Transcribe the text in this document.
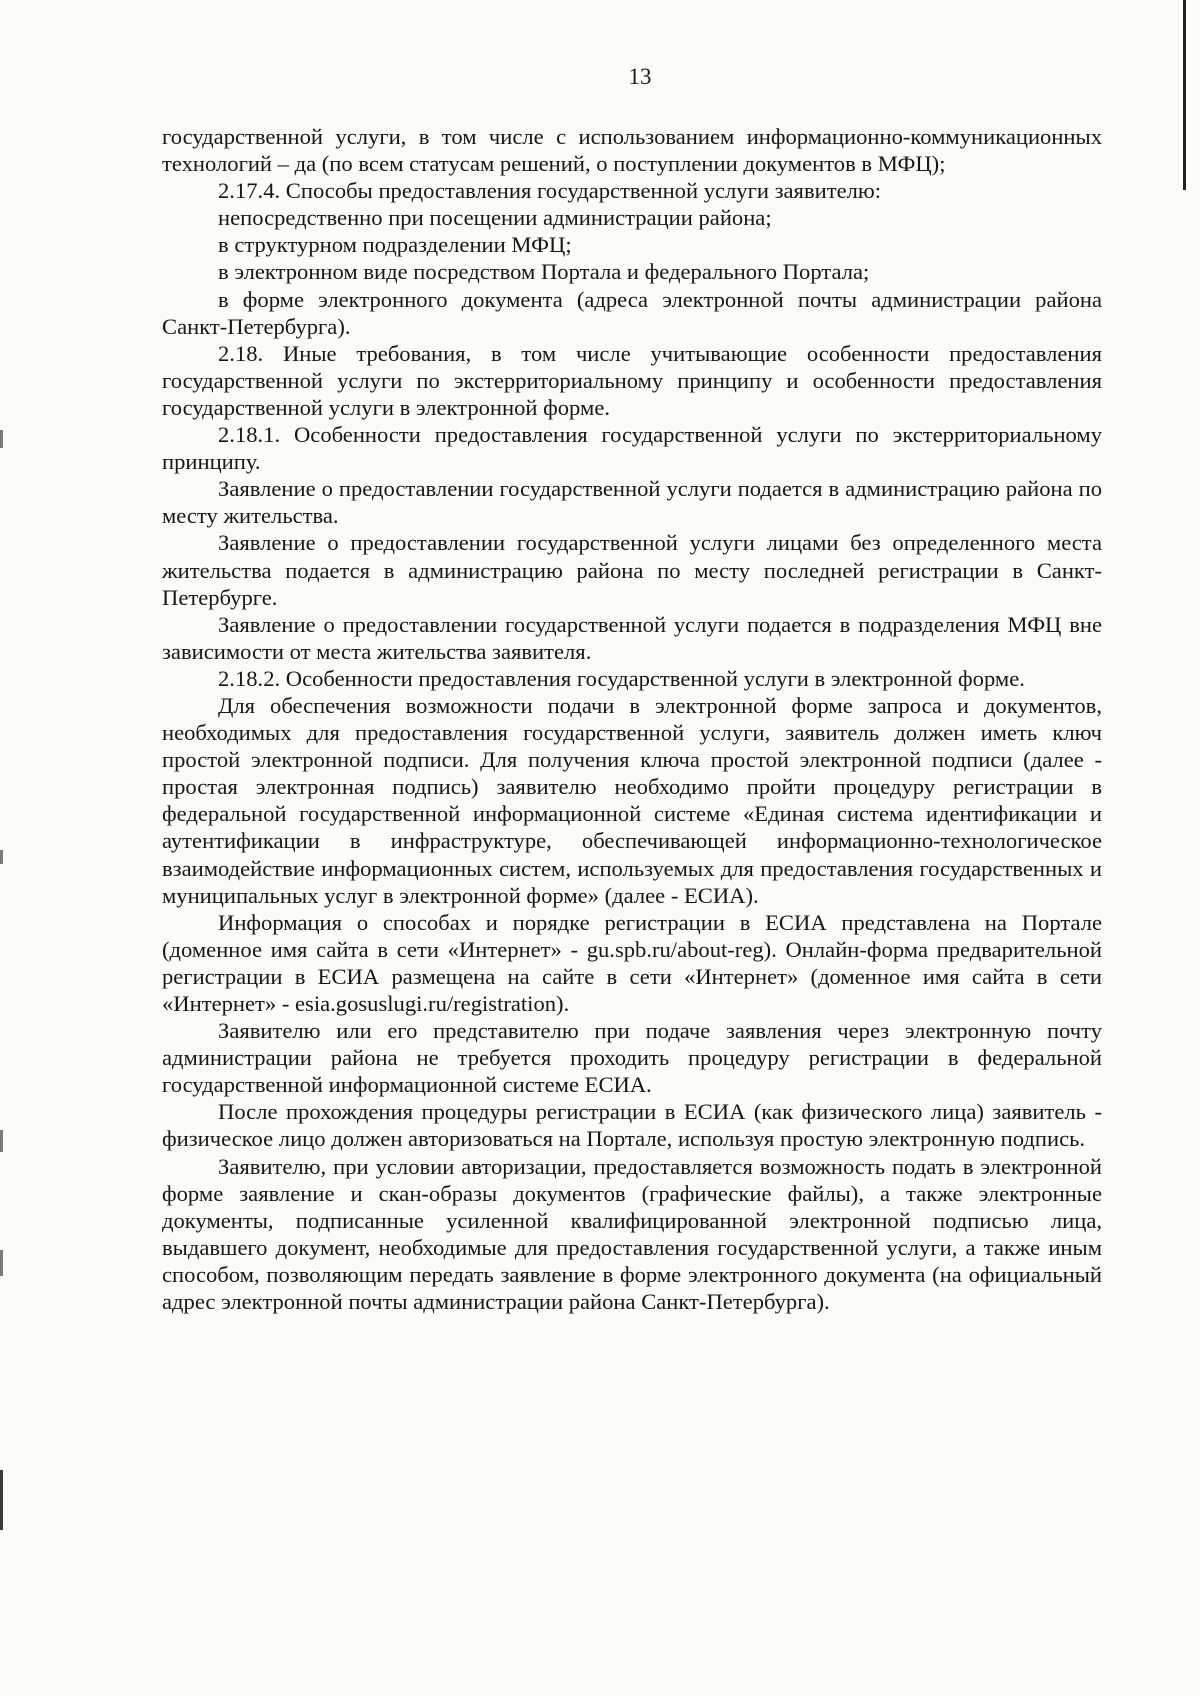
13

государственной услуги, в том числе с использованием информационно-коммуникационных технологий – да (по всем статусам решений, о поступлении документов в МФЦ);

2.17.4. Способы предоставления государственной услуги заявителю:

непосредственно при посещении администрации района;

в структурном подразделении МФЦ;

в электронном виде посредством Портала и федерального Портала;

в форме электронного документа (адреса электронной почты администрации района Санкт-Петербурга).

2.18. Иные требования, в том числе учитывающие особенности предоставления государственной услуги по экстерриториальному принципу и особенности предоставления государственной услуги в электронной форме.

2.18.1. Особенности предоставления государственной услуги по экстерриториальному принципу.

Заявление о предоставлении государственной услуги подается в администрацию района по месту жительства.

Заявление о предоставлении государственной услуги лицами без определенного места жительства подается в администрацию района по месту последней регистрации в Санкт-Петербурге.

Заявление о предоставлении государственной услуги подается в подразделения МФЦ вне зависимости от места жительства заявителя.

2.18.2. Особенности предоставления государственной услуги в электронной форме.

Для обеспечения возможности подачи в электронной форме запроса и документов, необходимых для предоставления государственной услуги, заявитель должен иметь ключ простой электронной подписи. Для получения ключа простой электронной подписи (далее - простая электронная подпись) заявителю необходимо пройти процедуру регистрации в федеральной государственной информационной системе «Единая система идентификации и аутентификации в инфраструктуре, обеспечивающей информационно-технологическое взаимодействие информационных систем, используемых для предоставления государственных и муниципальных услуг в электронной форме» (далее - ЕСИА).

Информация о способах и порядке регистрации в ЕСИА представлена на Портале (доменное имя сайта в сети «Интернет» - gu.spb.ru/about-reg). Онлайн-форма предварительной регистрации в ЕСИА размещена на сайте в сети «Интернет» (доменное имя сайта в сети «Интернет» - esia.gosuslugi.ru/registration).

Заявителю или его представителю при подаче заявления через электронную почту администрации района не требуется проходить процедуру регистрации в федеральной государственной информационной системе ЕСИА.

После прохождения процедуры регистрации в ЕСИА (как физического лица) заявитель - физическое лицо должен авторизоваться на Портале, используя простую электронную подпись.

Заявителю, при условии авторизации, предоставляется возможность подать в электронной форме заявление и скан-образы документов (графические файлы), а также электронные документы, подписанные усиленной квалифицированной электронной подписью лица, выдавшего документ, необходимые для предоставления государственной услуги, а также иным способом, позволяющим передать заявление в форме электронного документа (на официальный адрес электронной почты администрации района Санкт-Петербурга).
